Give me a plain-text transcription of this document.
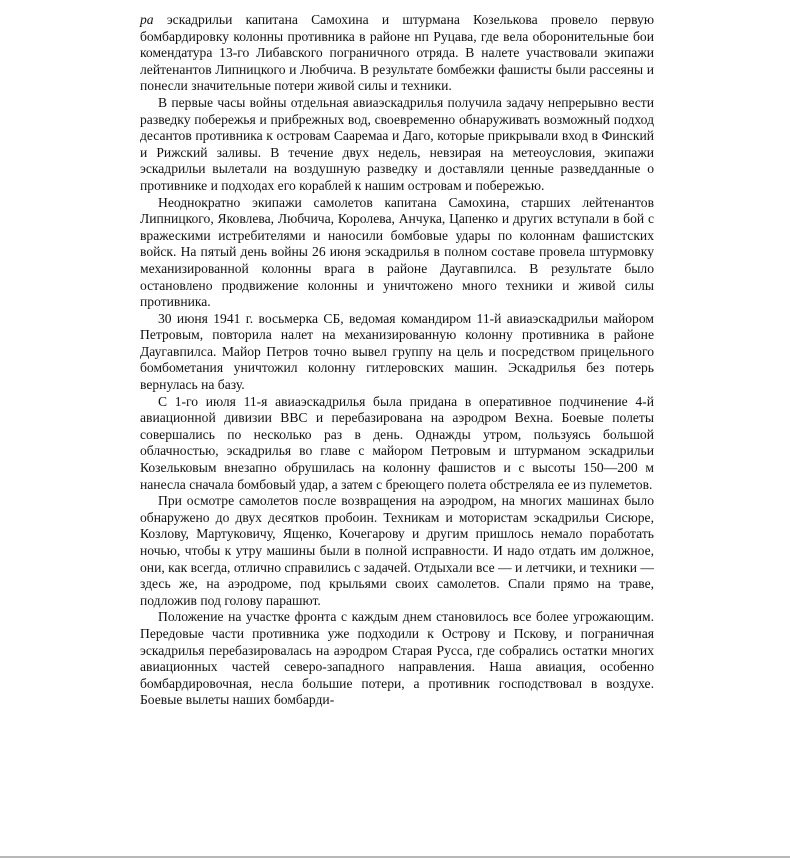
ра эскадрильи капитана Самохина и штурмана Козелькова провело первую бомбардировку колонны противника в районе нп Руцава, где вела оборонительные бои комендатура 13-го Либавского пограничного отряда. В налете участвовали экипажи лейтенантов Липницкого и Любчича. В результате бомбежки фашисты были рассеяны и понесли значительные потери живой силы и техники.

В первые часы войны отдельная авиаэскадрилья получила задачу непрерывно вести разведку побережья и прибрежных вод, своевременно обнаруживать возможный подход десантов противника к островам Сааремаа и Даго, которые прикрывали вход в Финский и Рижский заливы. В течение двух недель, невзирая на метеоусловия, экипажи эскадрильи вылетали на воздушную разведку и доставляли ценные разведданные о противнике и подходах его кораблей к нашим островам и побережью.

Неоднократно экипажи самолетов капитана Самохина, старших лейтенантов Липницкого, Яковлева, Любчича, Королева, Анчука, Цапенко и других вступали в бой с вражескими истребителями и наносили бомбовые удары по колоннам фашистских войск. На пятый день войны 26 июня эскадрилья в полном составе провела штурмовку механизированной колонны врага в районе Даугавпилса. В результате было остановлено продвижение колонны и уничтожено много техники и живой силы противника.

30 июня 1941 г. восьмерка СБ, ведомая командиром 11-й авиаэскадрильи майором Петровым, повторила налет на механизированную колонну противника в районе Даугавпилса. Майор Петров точно вывел группу на цель и посредством прицельного бомбометания уничтожил колонну гитлеровских машин. Эскадрилья без потерь вернулась на базу.

С 1-го июля 11-я авиаэскадрилья была придана в оперативное подчинение 4-й авиационной дивизии ВВС и перебазирована на аэродром Вехна. Боевые полеты совершались по несколько раз в день. Однажды утром, пользуясь большой облачностью, эскадрилья во главе с майором Петровым и штурманом эскадрильи Козельковым внезапно обрушилась на колонну фашистов и с высоты 150—200 м нанесла сначала бомбовый удар, а затем с бреющего полета обстреляла ее из пулеметов.

При осмотре самолетов после возвращения на аэродром, на многих машинах было обнаружено до двух десятков пробоин. Техникам и мотористам эскадрильи Сисюре, Козлову, Мартуковичу, Ященко, Кочегарову и другим пришлось немало поработать ночью, чтобы к утру машины были в полной исправности. И надо отдать им должное, они, как всегда, отлично справились с задачей. Отдыхали все — и летчики, и техники — здесь же, на аэродроме, под крыльями своих самолетов. Спали прямо на траве, подложив под голову парашют.

Положение на участке фронта с каждым днем становилось все более угрожающим. Передовые части противника уже подходили к Острову и Пскову, и пограничная эскадрилья перебазировалась на аэродром Старая Русса, где собрались остатки многих авиационных частей северо-западного направления. Наша авиация, особенно бомбардировочная, несла большие потери, а противник господствовал в воздухе. Боевые вылеты наших бомбарди-
